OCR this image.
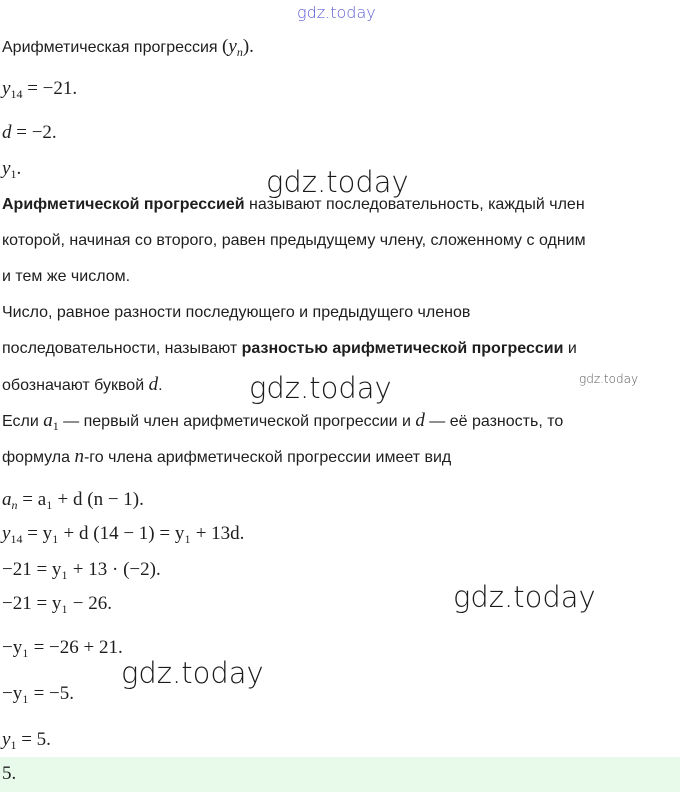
gdz.today
gdz.today
gdz.today	gdz.today
gdz.today
gdz.today
Арифметическая прогрессия $(y_n)$.
$y_{14} = -21$.
d = −2.
$y_1$.
Арифметической прогрессией называют последовательность, каждый член
которой, начиная со второго, равен предыдущему члену, сложенному с одним
и тем же числом.
Число, равное разности последующего и предыдущего членов
последовательности, называют разностью арифметической прогрессии и
обозначают буквой d.
Если $a_1$ — первый член арифметической прогрессии и d — её разность, то
формула n-го члена арифметической прогрессии имеет вид
$a_n = a_1 + d$ (n − 1).
$y_{14} = y_1 + d$ (14 − 1) = y₁ + 13d.
−21 = y₁ + 13 · (−2).
−21 = y₁ − 26.
−y₁ = −26 + 21.
−y₁ = −5.
$y_1 = 5$.
5.
